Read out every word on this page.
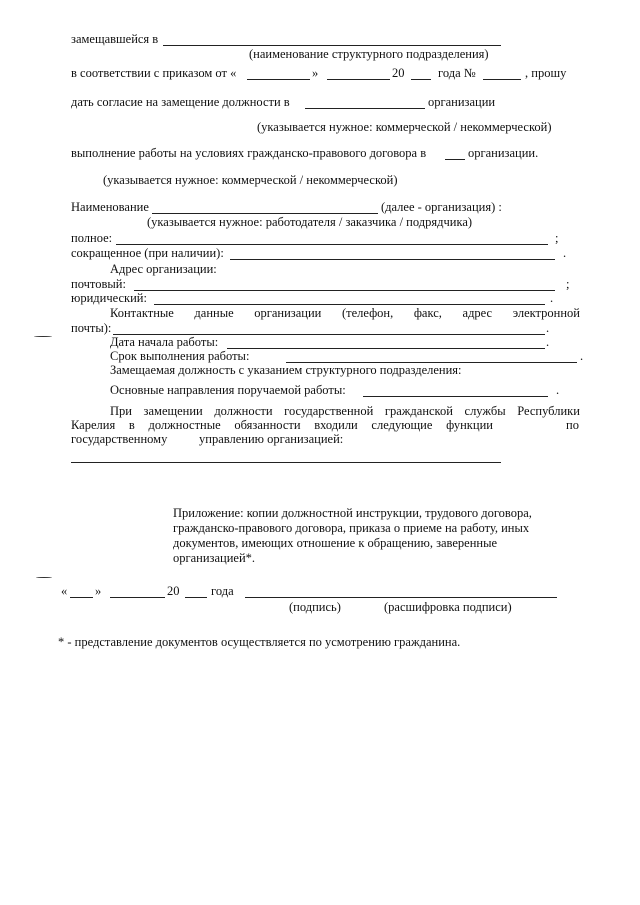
замещавшейся в
(наименование структурного подразделения)
в соответствии с приказом от «	»	20	года №	, прошу
дать согласие на замещение должности в	организации
(указывается нужное: коммерческой / некоммерческой)
выполнение работы на условиях гражданско-правового договора в	организации.
(указывается нужное: коммерческой / некоммерческой)
Наименование	(далее - организация) :
(указывается нужное: работодателя / заказчика / подрядчика)
полное:	;
сокращенное (при наличии):	.
Адрес организации:
почтовый:	;
юридический:	.
Контактные данные организации (телефон, факс, адрес электронной
почты):	.
Дата начала работы:	.
Срок выполнения работы:	.
Замещаемая должность с указанием структурного подразделения:
Основные направления поручаемой работы:	.
При замещении должности государственной гражданской службы Республики
Карелия в должностные обязанности входили следующие функции	по
государственному	управлению организацией:
Приложение: копии должностной инструкции, трудового договора,
гражданско-правового договора, приказа о приеме на работу, иных
документов, имеющих отношение к обращению, заверенные
организацией*.
« »	20	года
(подпись)	(расшифровка подписи)
* - представление документов осуществляется по усмотрению гражданина.
